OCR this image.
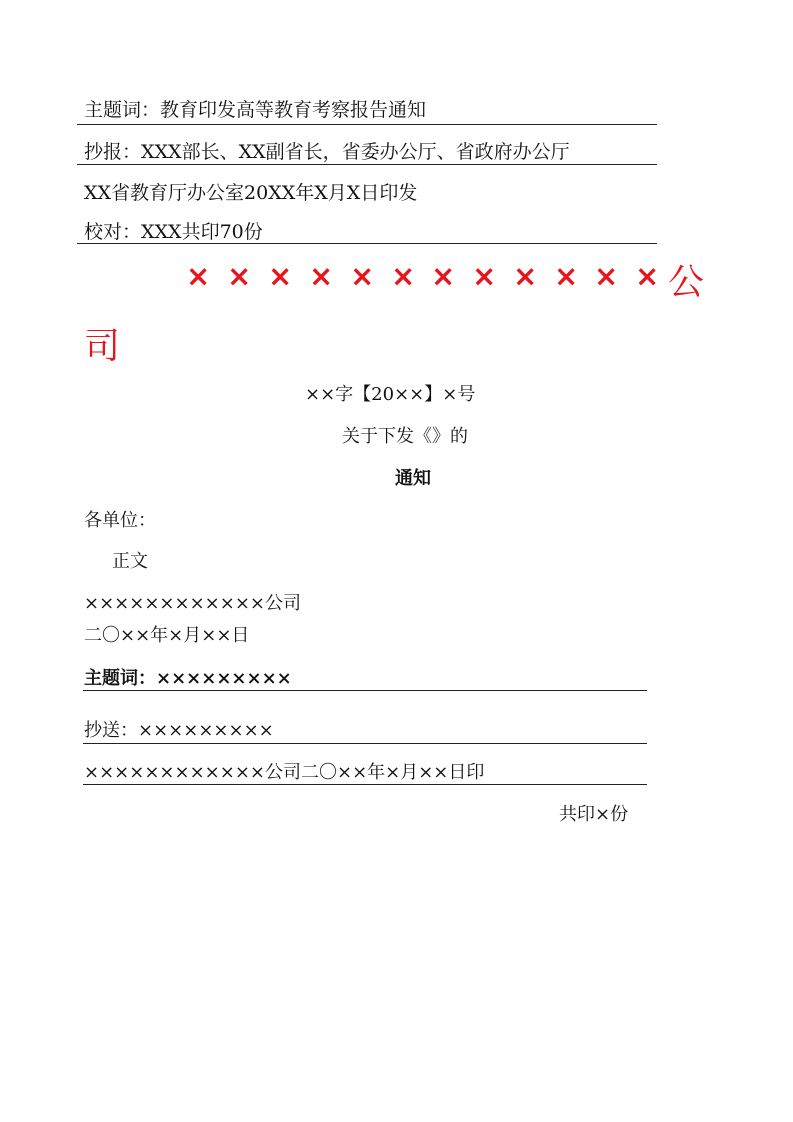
主题词：教育印发高等教育考察报告通知
抄报：XXX部长、XX副省长，省委办公厅、省政府办公厅
XX省教育厅办公室20XX年X月X日印发
校对：XXX共印70份
× × × × × × × × × × × × 公
司
××字【20××】×号
关于下发《》的
通知
各单位：
正文
××××××××××××公司
二〇××年×月××日
主题词：×××××××××
抄送：×××××××××
××××××××××××公司二〇××年×月××日印
共印×份
